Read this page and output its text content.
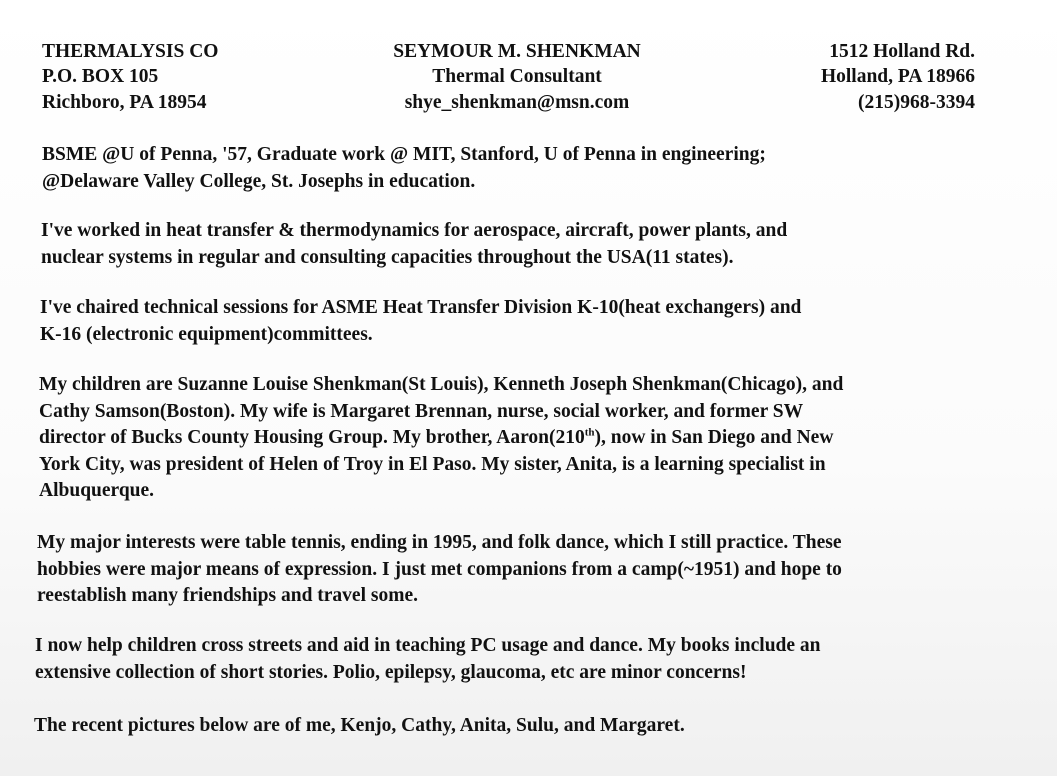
THERMALYSIS CO
P.O. BOX 105
Richboro, PA 18954
SEYMOUR M. SHENKMAN
Thermal Consultant
shye_shenkman@msn.com
1512 Holland Rd.
Holland, PA 18966
(215)968-3394

BSME @U of Penna, '57, Graduate work @ MIT, Stanford, U of Penna in engineering;
@Delaware Valley College, St. Josephs in education.

I've worked in heat transfer & thermodynamics for aerospace, aircraft, power plants, and
nuclear systems in regular and consulting capacities throughout the USA(11 states).

I've chaired technical sessions for ASME Heat Transfer Division K-10(heat exchangers) and
K-16 (electronic equipment)committees.

My children are Suzanne Louise Shenkman(St Louis), Kenneth Joseph Shenkman(Chicago), and
Cathy Samson(Boston). My wife is Margaret Brennan, nurse, social worker, and former SW
director of Bucks County Housing Group. My brother, Aaron(210th), now in San Diego and New
York City, was president of Helen of Troy in El Paso. My sister, Anita, is a learning specialist in
Albuquerque.

My major interests were table tennis, ending in 1995, and folk dance, which I still practice. These
hobbies were major means of expression. I just met companions from a camp(~1951) and hope to
reestablish many friendships and travel some.

I now help children cross streets and aid in teaching PC usage and dance. My books include an
extensive collection of short stories. Polio, epilepsy, glaucoma, etc are minor concerns!

The recent pictures below are of me, Kenjo, Cathy, Anita, Sulu, and Margaret.
